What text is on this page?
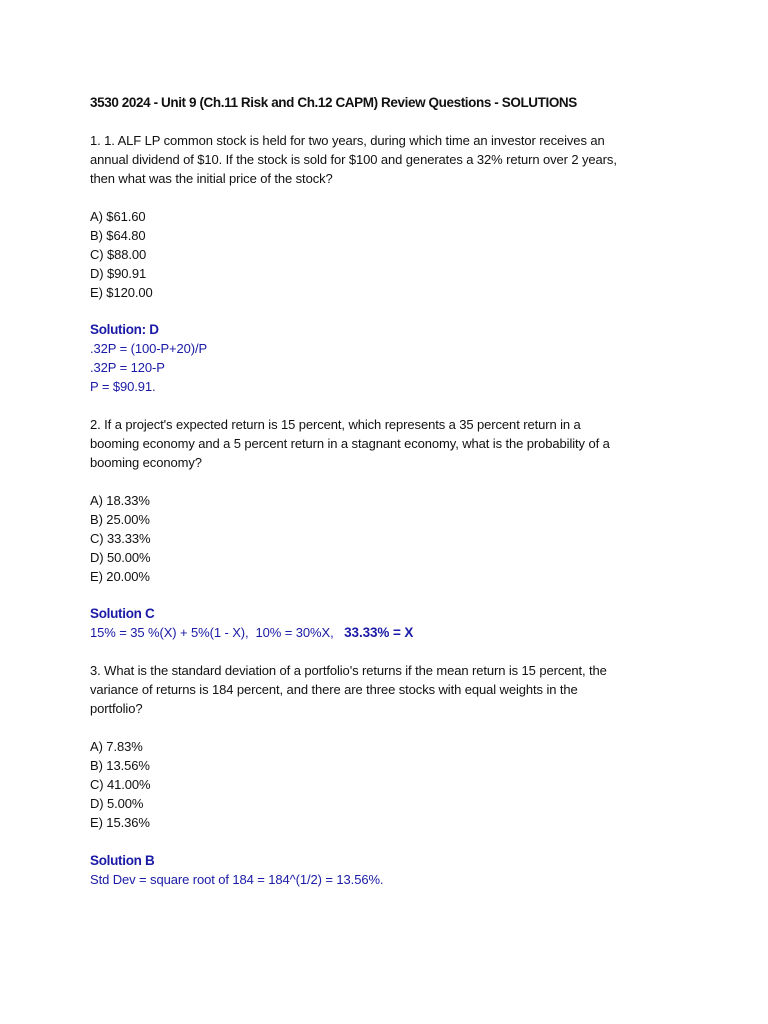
3530 2024 - Unit 9 (Ch.11 Risk and Ch.12 CAPM) Review Questions - SOLUTIONS

1. 1. ALF LP common stock is held for two years, during which time an investor receives an

annual dividend of $10. If the stock is sold for $100 and generates a 32% return over 2 years,

then what was the initial price of the stock?

A) $61.60

B) $64.80

C) $88.00

D) $90.91

E) $120.00

Solution: D

.32P = (100-P+20)/P

.32P = 120-P

P = $90.91.

2. If a project's expected return is 15 percent, which represents a 35 percent return in a

booming economy and a 5 percent return in a stagnant economy, what is the probability of a

booming economy?

A) 18.33%

B) 25.00%

C) 33.33%

D) 50.00%

E) 20.00%

Solution C

15% = 35 %(X) + 5%(1 - X),  10% = 30%X, 33.33% = X

3. What is the standard deviation of a portfolio's returns if the mean return is 15 percent, the

variance of returns is 184 percent, and there are three stocks with equal weights in the

portfolio?

A) 7.83%

B) 13.56%

C) 41.00%

D) 5.00%

E) 15.36%

Solution B

Std Dev = square root of 184 = 184^(1/2) = 13.56%.
